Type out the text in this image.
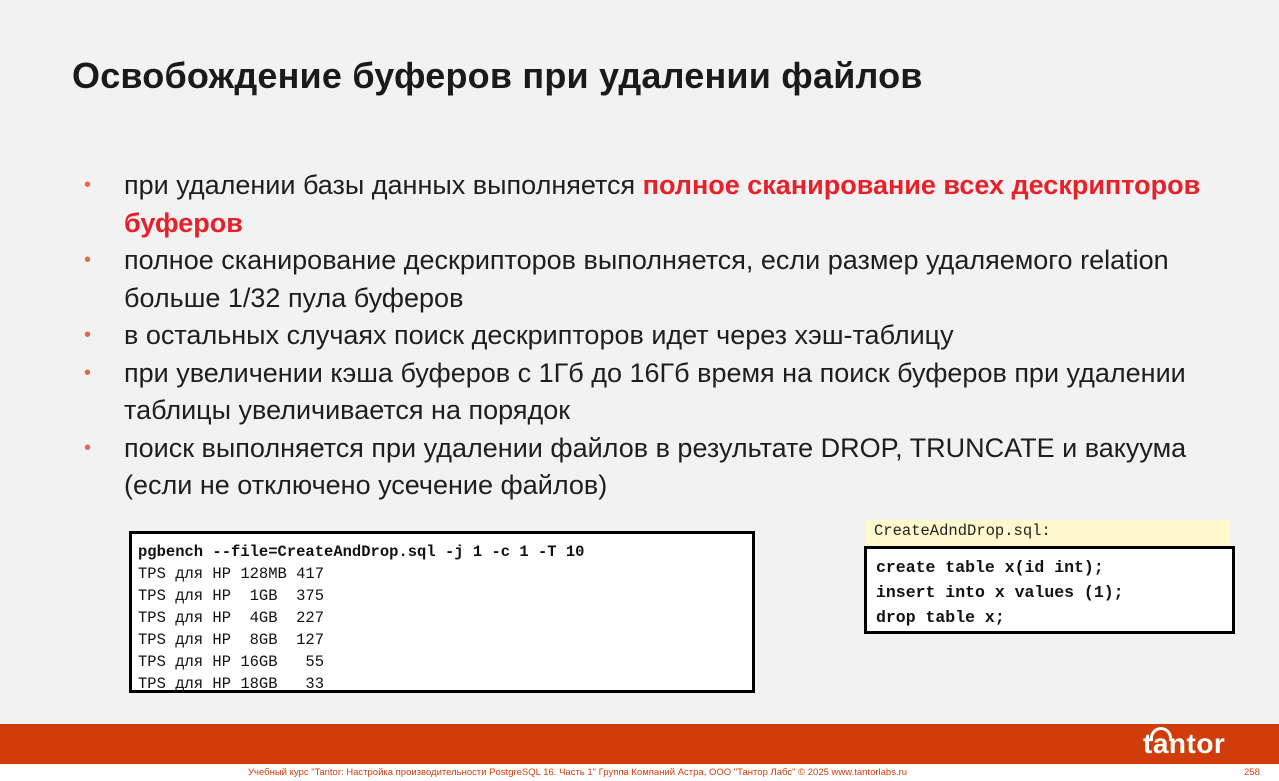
Освобождение буферов при удалении файлов
• при удалении базы данных выполняется полное сканирование всех дескрипторов буферов
• полное сканирование дескрипторов выполняется, если размер удаляемого relation больше 1/32 пула буферов
• в остальных случаях поиск дескрипторов идет через хэш-таблицу
• при увеличении кэша буферов с 1Гб до 16Гб время на поиск буферов при удалении таблицы увеличивается на порядок
• поиск выполняется при удалении файлов в результате DROP, TRUNCATE и вакуума (если не отключено усечение файлов)
pgbench --file=CreateAndDrop.sql -j 1 -c 1 -T 10
TPS для HP 128MB 417
TPS для HP  1GB  375
TPS для HP  4GB  227
TPS для HP  8GB  127
TPS для HP 16GB   55
TPS для HP 18GB   33
CreateAdndDrop.sql:
create table x(id int);
insert into x values (1);
drop table x;
tantor
Учебный курс "Tantor: Настройка производительности PostgreSQL 16. Часть 1" Группа Компаний Астра, ООО "Тантор Лабс" © 2025 www.tantorlabs.ru	258
